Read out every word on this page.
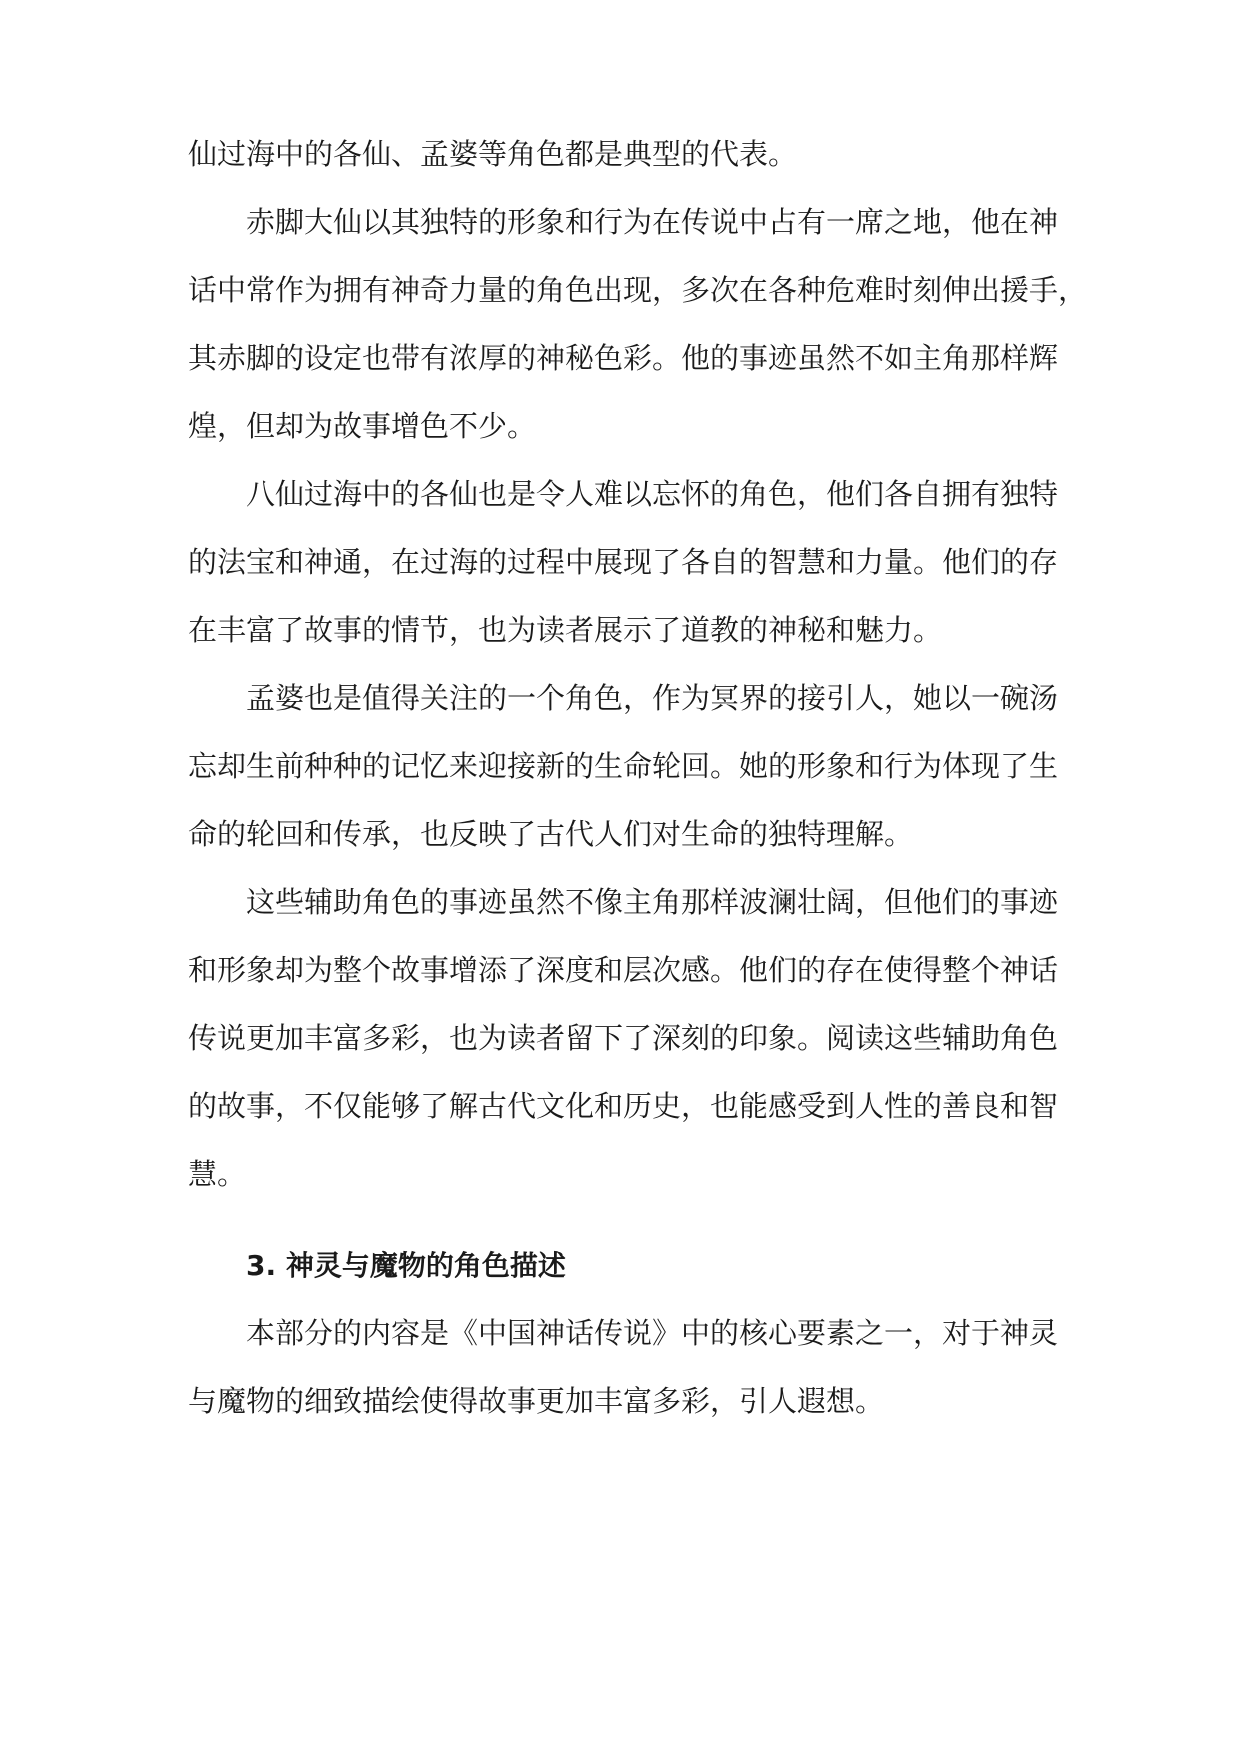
仙过海中的各仙、孟婆等角色都是典型的代表。
赤脚大仙以其独特的形象和行为在传说中占有一席之地，他在神
话中常作为拥有神奇力量的角色出现，多次在各种危难时刻伸出援手，
其赤脚的设定也带有浓厚的神秘色彩。他的事迹虽然不如主角那样辉
煌，但却为故事增色不少。
八仙过海中的各仙也是令人难以忘怀的角色，他们各自拥有独特
的法宝和神通，在过海的过程中展现了各自的智慧和力量。他们的存
在丰富了故事的情节，也为读者展示了道教的神秘和魅力。
孟婆也是值得关注的一个角色，作为冥界的接引人，她以一碗汤
忘却生前种种的记忆来迎接新的生命轮回。她的形象和行为体现了生
命的轮回和传承，也反映了古代人们对生命的独特理解。
这些辅助角色的事迹虽然不像主角那样波澜壮阔，但他们的事迹
和形象却为整个故事增添了深度和层次感。他们的存在使得整个神话
传说更加丰富多彩，也为读者留下了深刻的印象。阅读这些辅助角色
的故事，不仅能够了解古代文化和历史，也能感受到人性的善良和智
慧。
3. 神灵与魔物的角色描述
本部分的内容是《中国神话传说》中的核心要素之一，对于神灵
与魔物的细致描绘使得故事更加丰富多彩，引人遐想。
